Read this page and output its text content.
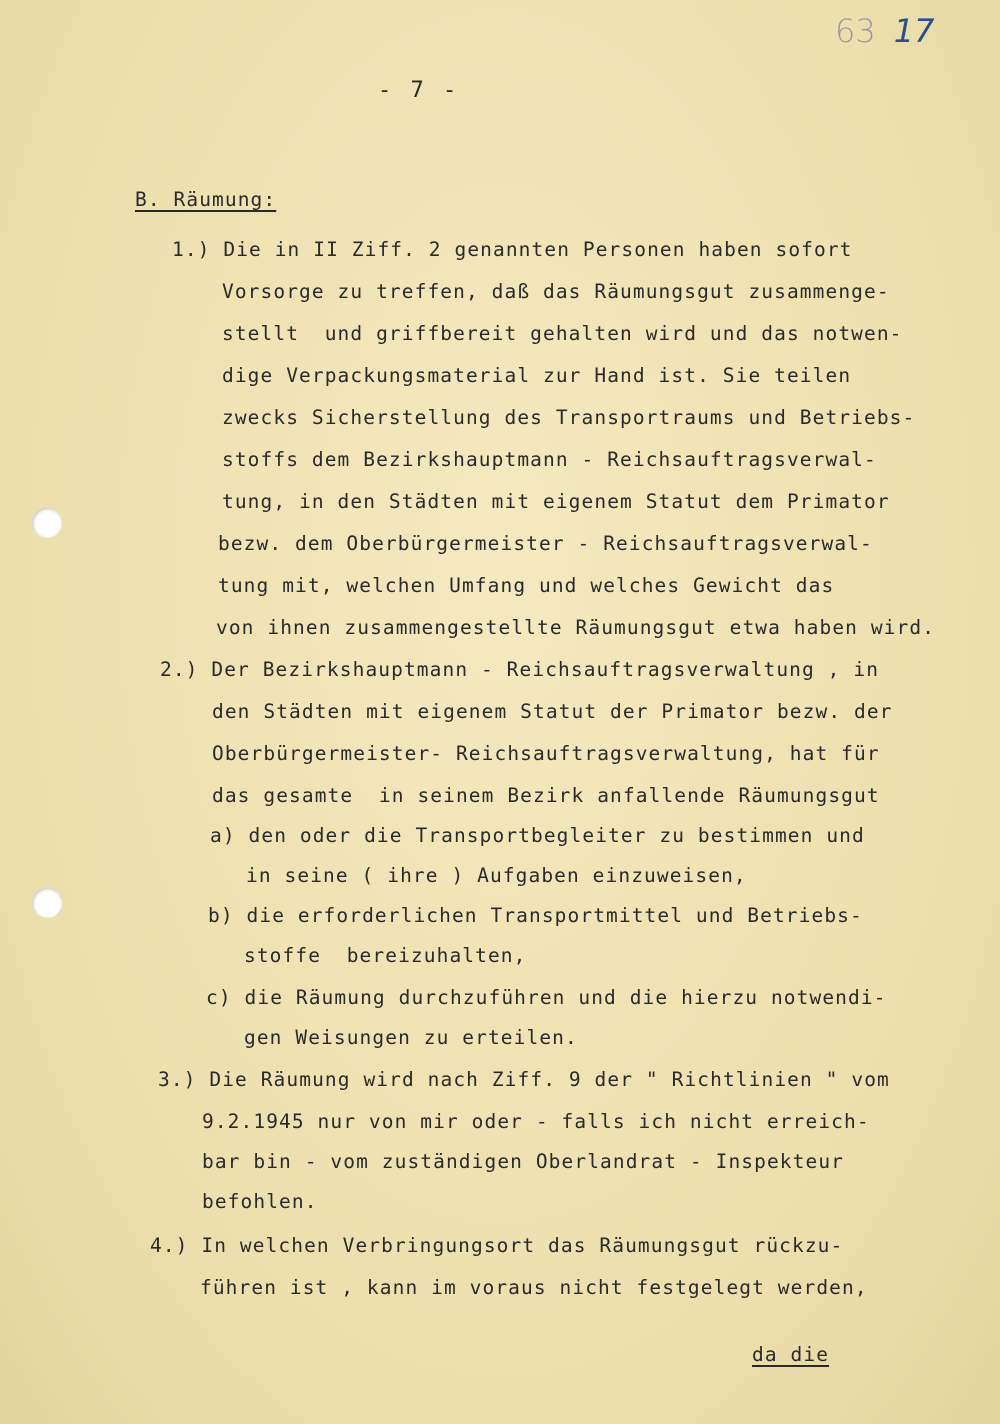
63 17
- 7 -
B. Räumung:
1.) Die in II Ziff. 2 genannten Personen haben sofort
Vorsorge zu treffen, daß das Räumungsgut zusammenge-
stellt  und griffbereit gehalten wird und das notwen-
dige Verpackungsmaterial zur Hand ist. Sie teilen
zwecks Sicherstellung des Transportraums und Betriebs-
stoffs dem Bezirkshauptmann - Reichsauftragsverwal-
tung, in den Städten mit eigenem Statut dem Primator
bezw. dem Oberbürgermeister - Reichsauftragsverwal-
tung mit, welchen Umfang und welches Gewicht das
von ihnen zusammengestellte Räumungsgut etwa haben wird.
2.) Der Bezirkshauptmann - Reichsauftragsverwaltung , in
den Städten mit eigenem Statut der Primator bezw. der
Oberbürgermeister- Reichsauftragsverwaltung, hat für
das gesamte  in seinem Bezirk anfallende Räumungsgut
a) den oder die Transportbegleiter zu bestimmen und
in seine ( ihre ) Aufgaben einzuweisen,
b) die erforderlichen Transportmittel und Betriebs-
stoffe  bereizuhalten,
c) die Räumung durchzuführen und die hierzu notwendi-
gen Weisungen zu erteilen.
3.) Die Räumung wird nach Ziff. 9 der " Richtlinien " vom
9.2.1945 nur von mir oder - falls ich nicht erreich-
bar bin - vom zuständigen Oberlandrat - Inspekteur
befohlen.
4.) In welchen Verbringungsort das Räumungsgut rückzu-
führen ist , kann im voraus nicht festgelegt werden,
da die
